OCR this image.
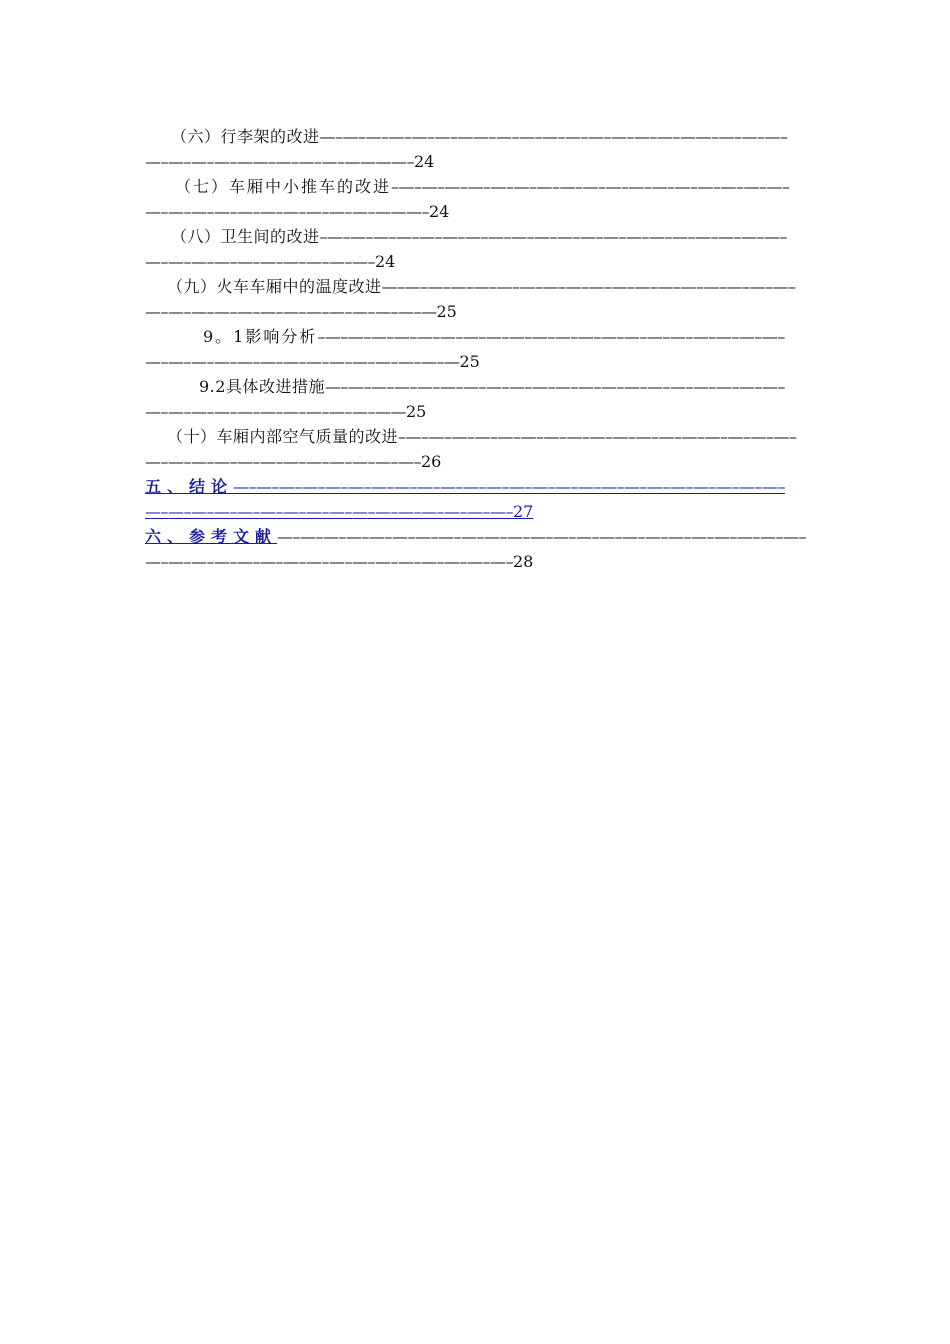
（六）行李架的改进—–—–—–—–—–—–——–—–—–—–—–—–—–—–—–——–—–—–—–—–—–—–—–——–—–—–—–————–24
（七）车厢中小推车的改进–—–—–—–—–—–—–—–—–—–—–—–—–—–—–—–—–—–—–—–—–—–—–—–—–—–—–—–———–24
（八）卫生间的改进–—–—–—–—–—–—–—–—–—–—–—–—–—–—–—–—–—–—–—–—–—–—–—–—–—–—–—–—–—–—–24
（九）火车车厢中的温度改进—–—–—–—–—–—–—–—–—–—–—–—–—–—–—–—–—–—–—–—–—–—–—–—–—–—–—–—–—–—–—25
9。1影响分析–—–—–—–—–—–—–—–—–—–—–—–—–—–—–—–—–—–—–—–—–—–—–—–—–—–—–—–—–—–—–—–—–—–—25
9.2具体改进措施—–—–—–—–—–—–—–—–—–—–—–—–—–—–—–—–—–—–—–—–—–—–—–—–—–—–—–—–—–—–——25
（十）车厢内部空气质量的改进–—–—–—–—–—–—–—–—–—–—–—–—–—–—–—–—–—–—–—–—–—–—–—–—–—–—–—–—–—–26
五、结论—–—–—–—–—–—–—–—–—–—–—–—–—–—–—–—–—–—–—–—–—–—–—–—–—–—–—–—–—–—–—–—–—–—–—–—–—–—–—–—–27
六、参考文献—–—–—–—–—–—–—–—–—–—–—–—–—–—–—–—–—–—–—–—–—–—–—–—–—–—–—–—–—–—–—–—–—–—–—–—–—–—–—–28
